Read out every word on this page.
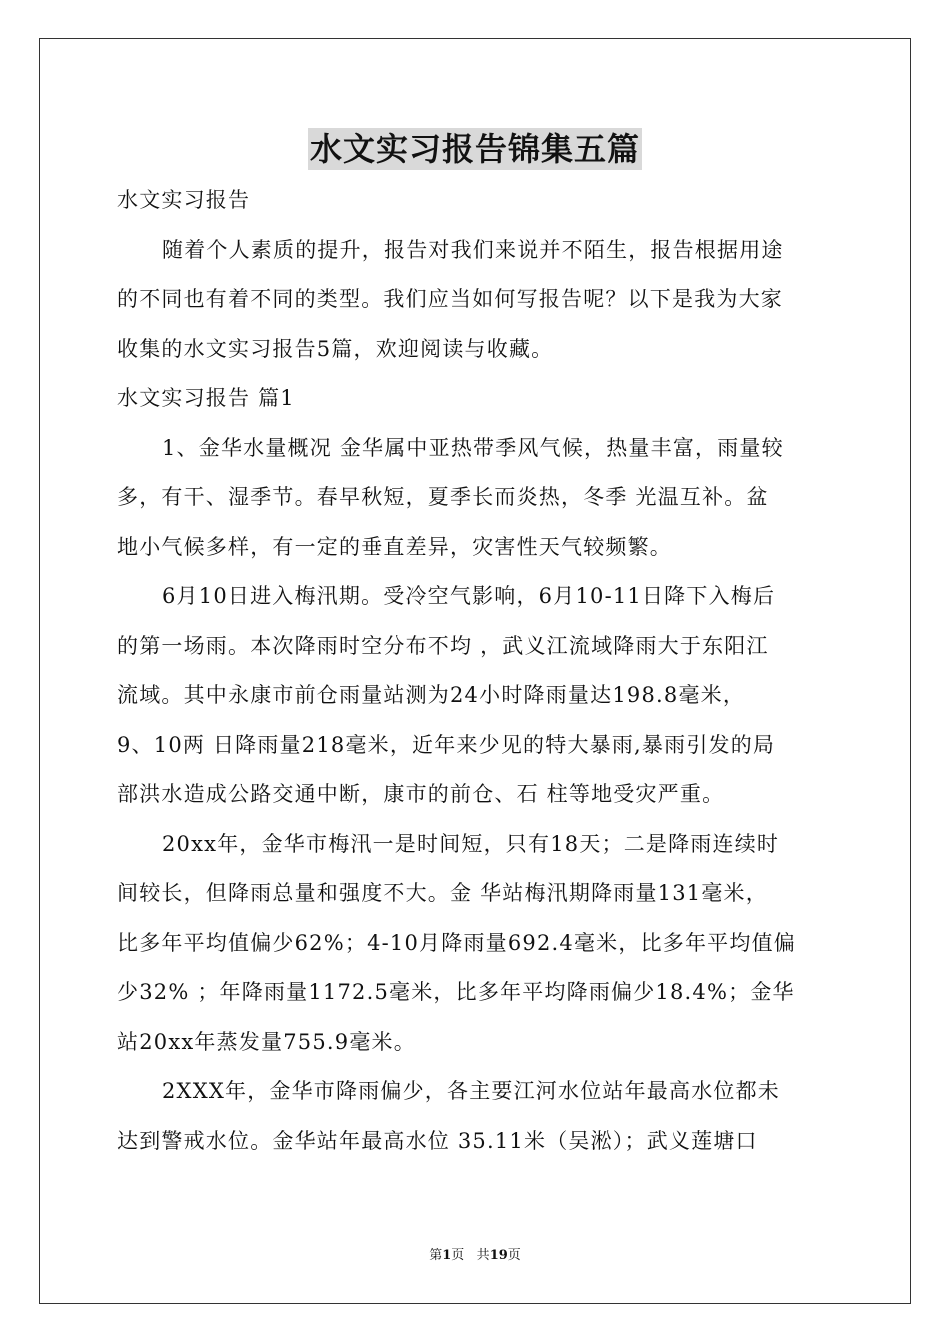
水文实习报告锦集五篇
水文实习报告
随着个人素质的提升，报告对我们来说并不陌生，报告根据用途
的不同也有着不同的类型。我们应当如何写报告呢？以下是我为大家
收集的水文实习报告5篇，欢迎阅读与收藏。
水文实习报告 篇1
1、金华水量概况 金华属中亚热带季风气候，热量丰富，雨量较
多，有干、湿季节。春早秋短，夏季长而炎热，冬季 光温互补。盆
地小气候多样，有一定的垂直差异，灾害性天气较频繁。
6月10日进入梅汛期。受冷空气影响，6月10-11日降下入梅后
的第一场雨。本次降雨时空分布不均 ，武义江流域降雨大于东阳江
流域。其中永康市前仓雨量站测为24小时降雨量达198.8毫米，
9、10两 日降雨量218毫米，近年来少见的特大暴雨,暴雨引发的局
部洪水造成公路交通中断，康市的前仓、石 柱等地受灾严重。
20xx年，金华市梅汛一是时间短，只有18天；二是降雨连续时
间较长，但降雨总量和强度不大。金 华站梅汛期降雨量131毫米，
比多年平均值偏少62%；4-10月降雨量692.4毫米，比多年平均值偏
少32% ；年降雨量1172.5毫米，比多年平均降雨偏少18.4%；金华
站20xx年蒸发量755.9毫米。
2XXX年，金华市降雨偏少，各主要江河水位站年最高水位都未
达到警戒水位。金华站年最高水位 35.11米（吴淞）；武义莲塘口
第1页 共19页
